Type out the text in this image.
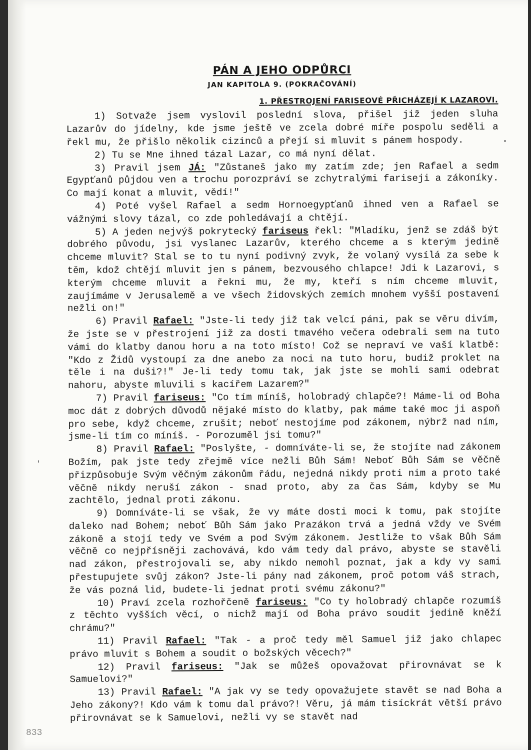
PÁN A JEHO ODPŮRCI
JAN KAPITOLA 9. (POKRAČOVÁNÍ)
1. PŘESTROJENÍ FARISEOVÉ PŘICHÁZEJÍ K LAZAROVI.

1) Sotvaže jsem vyslovil poslední slova, přišel již jeden sluha Lazarův do jídelny, kde jsme ještě ve zcela dobré míře pospolu seděli a řekl mu, že přišlo několik cizinců a přejí si mluvit s pánem hospody.

2) Tu se Mne ihned tázal Lazar, co má nyní dělat.

3) Pravil jsem JÁ: "Zůstaneš jako my zatím zde; jen Rafael a sedm Egypťanů půjdou ven a trochu porozpráví se zchytralými fariseji a zákoníky. Co mají konat a mluvit, vědí!"

4) Poté vyšel Rafael a sedm Hornoegypťanů ihned ven a Rafael se vážnými slovy tázal, co zde pohledávají a chtějí.

5) A jeden nejvýš pokrytecký fariseus řekl: "Mladíku, jenž se zdáš být dobrého původu, jsi vyslanec Lazarův, kterého chceme a s kterým jedině chceme mluvit? Stal se to tu nyní podivný zvyk, že volaný vysílá za sebe k těm, kdož chtějí mluvit jen s pánem, bezvousého chlapce! Jdi k Lazarovi, s kterým chceme mluvit a řekni mu, že my, kteří s ním chceme mluvit, zaujímáme v Jerusalemě a ve všech židovských zemích mnohem vyšší postavení nežli on!"

6) Pravil Rafael: "Jste-li tedy již tak velcí páni, pak se věru divím, že jste se v přestrojení již za dosti tmavého večera odebrali sem na tuto vámi do klatby danou horu a na toto místo! Což se nepraví ve vaší klatbě: "Kdo z Židů vystoupí za dne anebo za noci na tuto horu, budiž proklet na těle i na duši?!" Je-li tedy tomu tak, jak jste se mohli sami odebrat nahoru, abyste mluvili s kacířem Lazarem?"

7) Pravil fariseus: "Co tím míníš, holobradý chlapče?! Máme-li od Boha moc dát z dobrých důvodů nějaké místo do klatby, pak máme také moc ji aspoň pro sebe, když chceme, zrušit; neboť nestojíme pod zákonem, nýbrž nad ním, jsme-li tím co míníš. - Porozuměl jsi tomu?"

8) Pravil Rafael: "Poslyšte, - domníváte-li se, že stojíte nad zákonem Božím, pak jste tedy zřejmě více nežli Bůh Sám! Neboť Bůh Sám se věčně přizpůsobuje Svým věčným zákonům řádu, nejedná nikdy proti nim a proto také věčně nikdy neruší zákon - snad proto, aby za čas Sám, kdyby se Mu zachtělo, jednal proti zákonu.

9) Domníváte-li se však, že vy máte dosti moci k tomu, pak stojíte daleko nad Bohem; neboť Bůh Sám jako Prazákon trvá a jedná vždy ve Svém zákoně a stojí tedy ve Svém a pod Svým zákonem. Jestliže to však Bůh Sám věčně co nejpřísněji zachovává, kdo vám tedy dal právo, abyste se stavěli nad zákon, přestrojovali se, aby nikdo nemohl poznat, jak a kdy vy sami přestupujete svůj zákon? Jste-li pány nad zákonem, proč potom váš strach, že vás pozná lid, budete-li jednat proti svému zákonu?"

10) Praví zcela rozhořčeně fariseus: "Co ty holobradý chlapče rozumíš z těchto vyšších věcí, o nichž mají od Boha právo soudit jedině kněží chrámu?"

11) Pravil Rafael: "Tak - a proč tedy měl Samuel již jako chlapec právo mluvit s Bohem a soudit o božských věcech?"

12) Pravil fariseus: "Jak se můžeš opovažovat přirovnávat se k Samuelovi?"

13) Pravil Rafael: "A jak vy se tedy opovažujete stavět se nad Boha a Jeho zákony?! Kdo vám k tomu dal právo?! Věru, já mám tisíckrát větší právo přirovnávat se k Samuelovi, nežli vy se stavět nad

833
